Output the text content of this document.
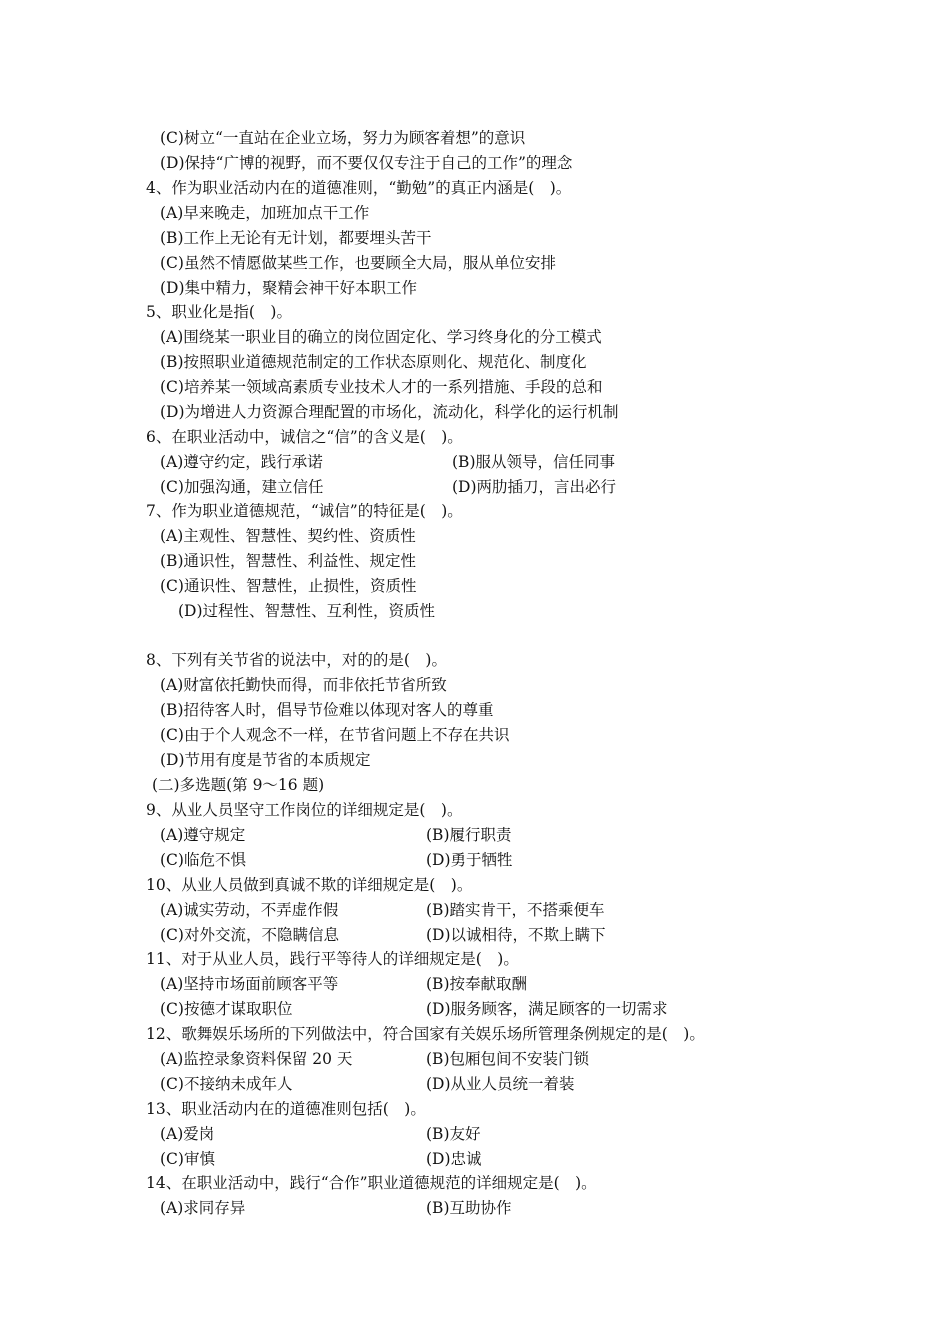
(C)树立“一直站在企业立场，努力为顾客着想”的意识
(D)保持“广博的视野，而不要仅仅专注于自己的工作”的理念
4、作为职业活动内在的道德准则，“勤勉”的真正内涵是(　)。
(A)早来晚走，加班加点干工作
(B)工作上无论有无计划，都要埋头苦干
(C)虽然不情愿做某些工作，也要顾全大局，服从单位安排
(D)集中精力，聚精会神干好本职工作
5、职业化是指(　)。
(A)围绕某一职业目的确立的岗位固定化、学习终身化的分工模式
(B)按照职业道德规范制定的工作状态原则化、规范化、制度化
(C)培养某一领域高素质专业技术人才的一系列措施、手段的总和
(D)为增进人力资源合理配置的市场化，流动化，科学化的运行机制
6、在职业活动中，诚信之“信”的含义是(　)。
(A)遵守约定，践行承诺	(B)服从领导，信任同事
(C)加强沟通，建立信任	(D)两肋插刀，言出必行
7、作为职业道德规范，“诚信”的特征是(　)。
(A)主观性、智慧性、契约性、资质性
(B)通识性，智慧性、利益性、规定性
(C)通识性、智慧性，止损性，资质性
(D)过程性、智慧性、互利性，资质性
8、下列有关节省的说法中，对的的是(　)。
(A)财富依托勤快而得，而非依托节省所致
(B)招待客人时，倡导节俭难以体现对客人的尊重
(C)由于个人观念不一样，在节省问题上不存在共识
(D)节用有度是节省的本质规定
(二)多选题(第 9～16 题)
9、从业人员坚守工作岗位的详细规定是(　)。
(A)遵守规定	(B)履行职责
(C)临危不惧	(D)勇于牺牲
10、从业人员做到真诚不欺的详细规定是(　)。
(A)诚实劳动，不弄虚作假	(B)踏实肯干，不搭乘便车
(C)对外交流，不隐瞒信息	(D)以诚相待，不欺上瞒下
11、对于从业人员，践行平等待人的详细规定是(　)。
(A)坚持市场面前顾客平等	(B)按奉献取酬
(C)按德才谋取职位	(D)服务顾客，满足顾客的一切需求
12、歌舞娱乐场所的下列做法中，符合国家有关娱乐场所管理条例规定的是(　)。
(A)监控录象资料保留 20 天	(B)包厢包间不安装门锁
(C)不接纳未成年人	(D)从业人员统一着装
13、职业活动内在的道德准则包括(　)。
(A)爱岗	(B)友好
(C)审慎	(D)忠诚
14、在职业活动中，践行“合作”职业道德规范的详细规定是(　)。
(A)求同存异	(B)互助协作
